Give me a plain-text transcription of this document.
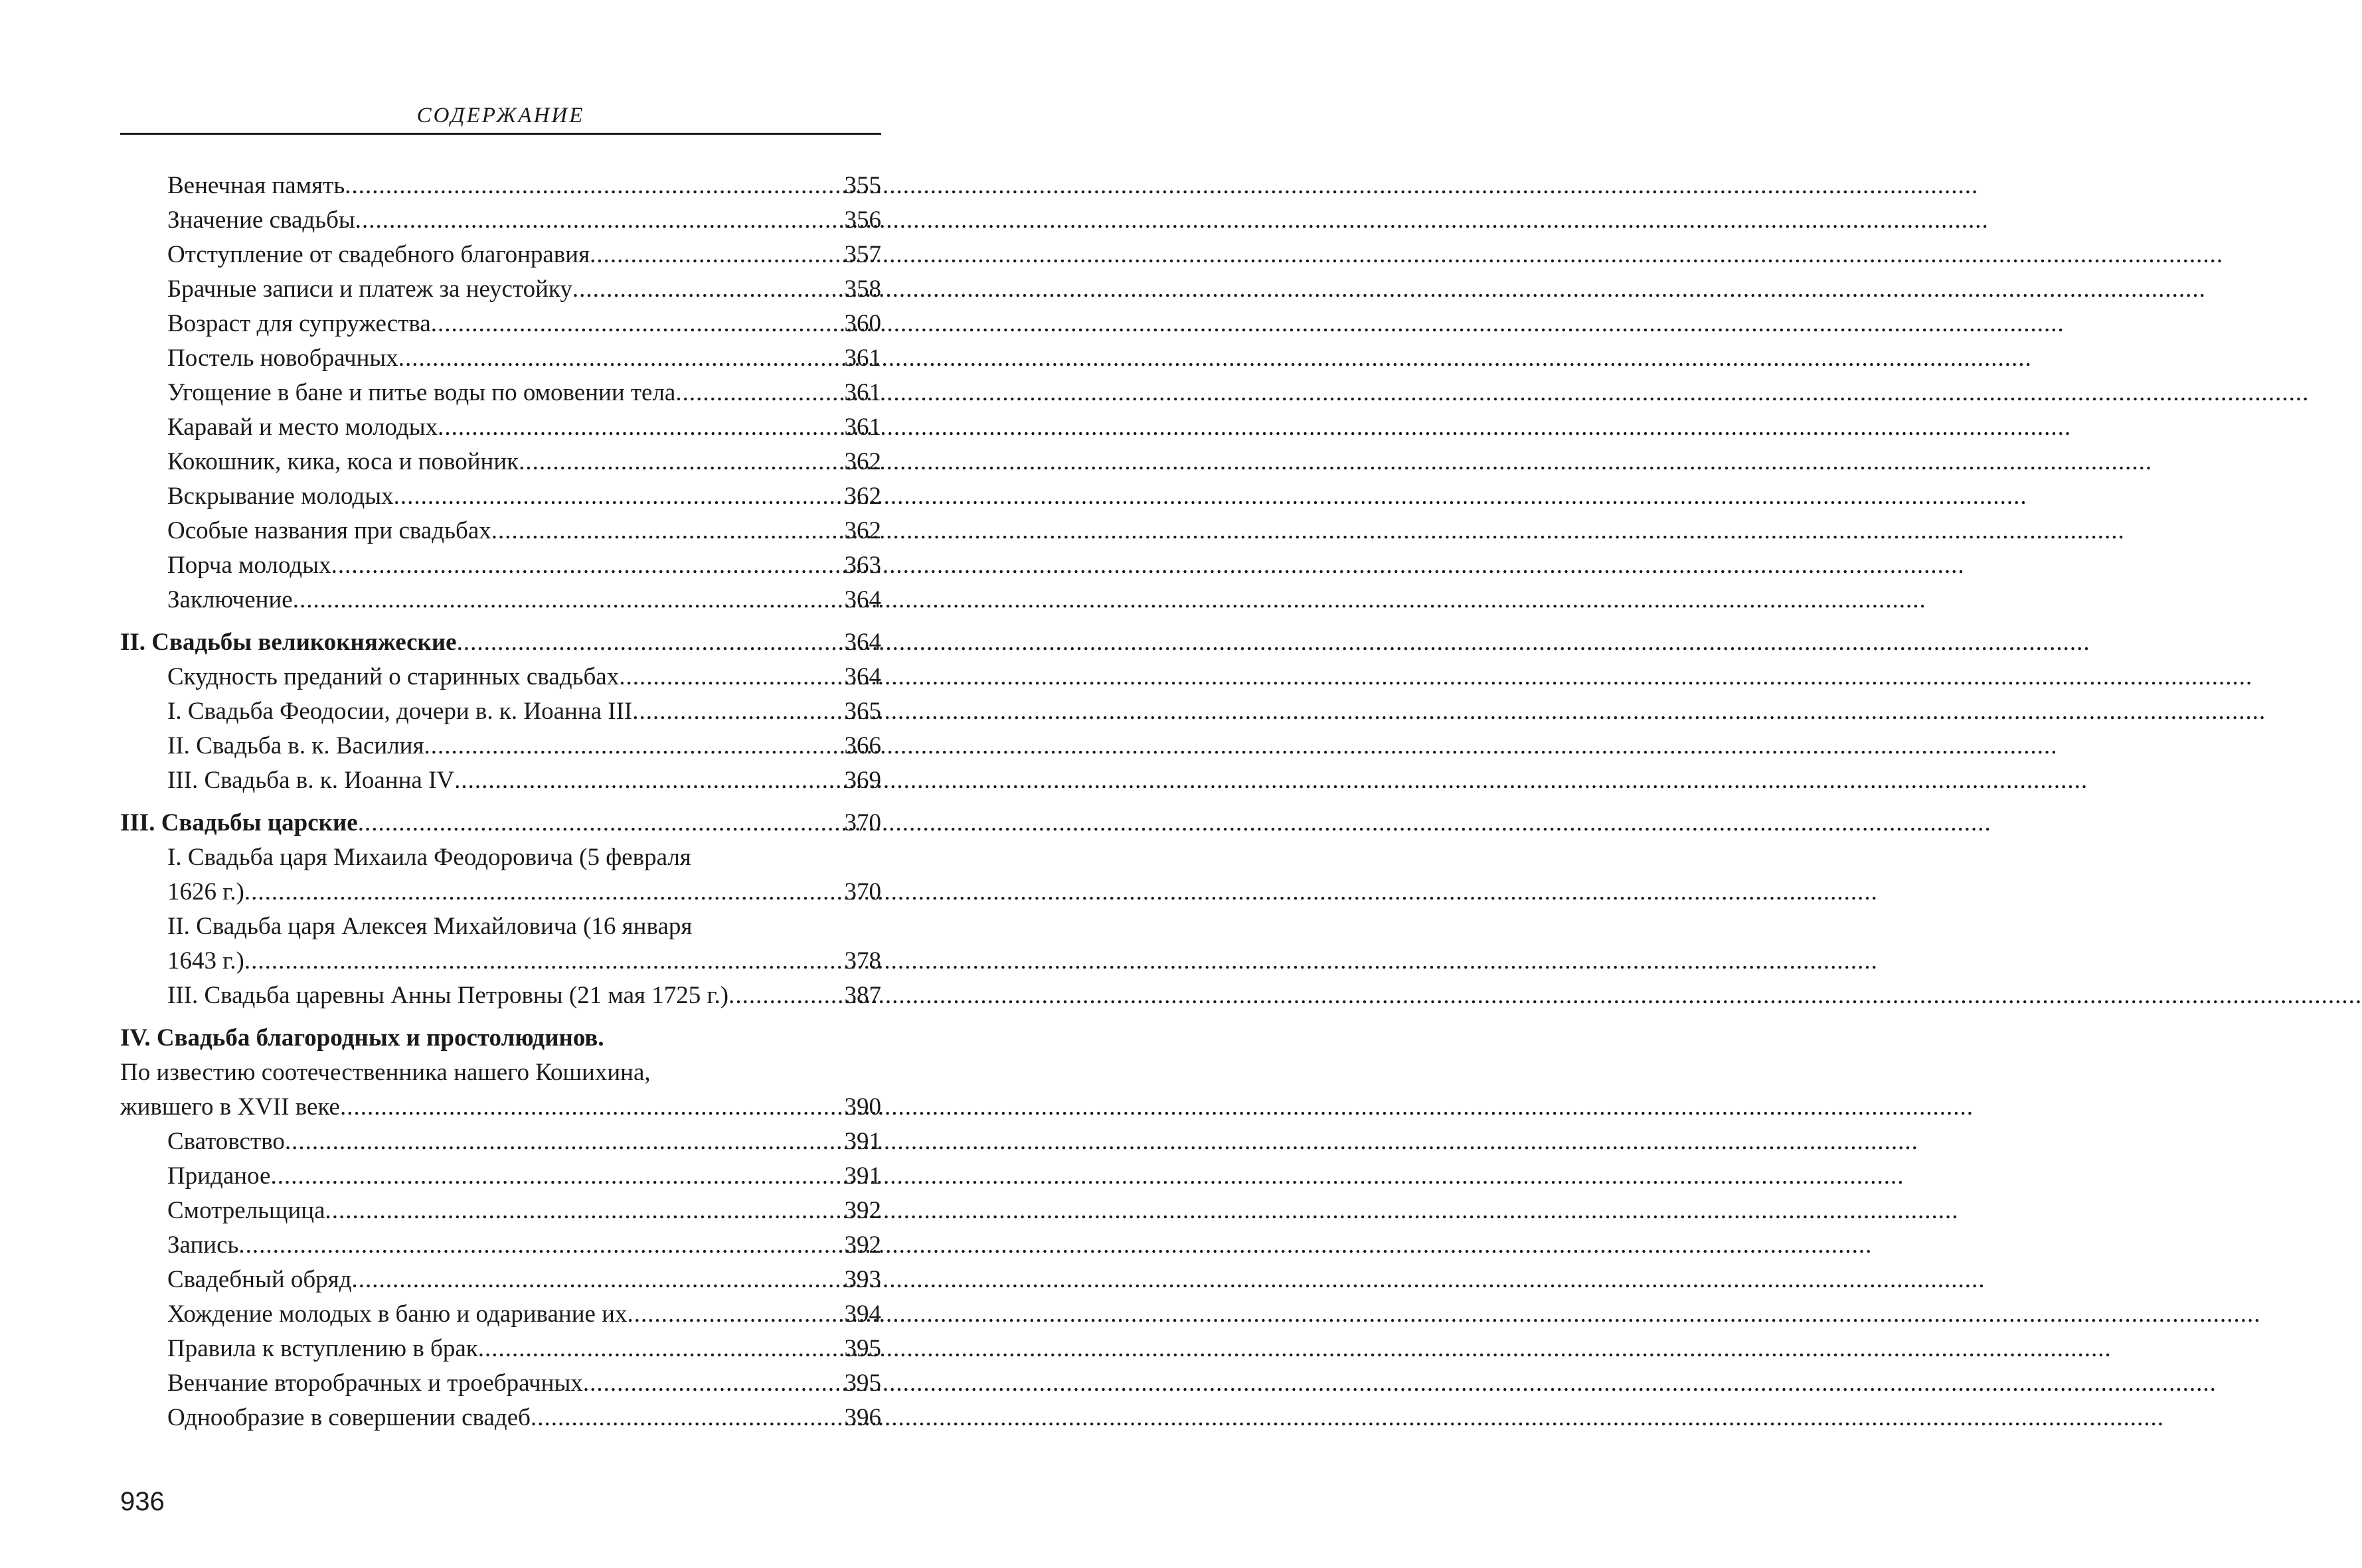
СОДЕРЖАНИЕ
Венечная память .....	355
Значение свадьбы .....	356
Отступление от свадебного благонравия .....	357
Брачные записи и платеж за неустойку .....	358
Возраст для супружества .....	360
Постель новобрачных .....	361
Угощение в бане и питье воды по омовении тела .....	361
Каравай и место молодых .....	361
Кокошник, кика, коса и повойник .....	362
Вскрывание молодых .....	362
Особые названия при свадьбах .....	362
Порча молодых .....	363
Заключение .....	364
II. Свадьбы великокняжеские .....	364
Скудность преданий о старинных свадьбах .....	364
I. Свадьба Феодосии, дочери в. к. Иоанна III .....	365
II. Свадьба в. к. Василия .....	366
III. Свадьба в. к. Иоанна IV .....	369
III. Свадьбы царские .....	370
I. Свадьба царя Михаила Феодоровича (5 февраля
1626 г.) .....	370
II. Свадьба царя Алексея Михайловича (16 января
1643 г.) .....	378
III. Свадьба царевны Анны Петровны (21 мая 1725 г.) .....	387
IV. Свадьба благородных и простолюдинов.
По известию соотечественника нашего Кошихина,
жившего в XVII веке .....	390
Сватовство .....	391
Приданое .....	391
Смотрельщица .....	392
Запись .....	392
Свадебный обряд .....	393
Хождение молодых в баню и одаривание их .....	394
Правила к вступлению в брак .....	395
Венчание второбрачных и троебрачных .....	395
Однообразие в совершении свадеб .....	396
936
